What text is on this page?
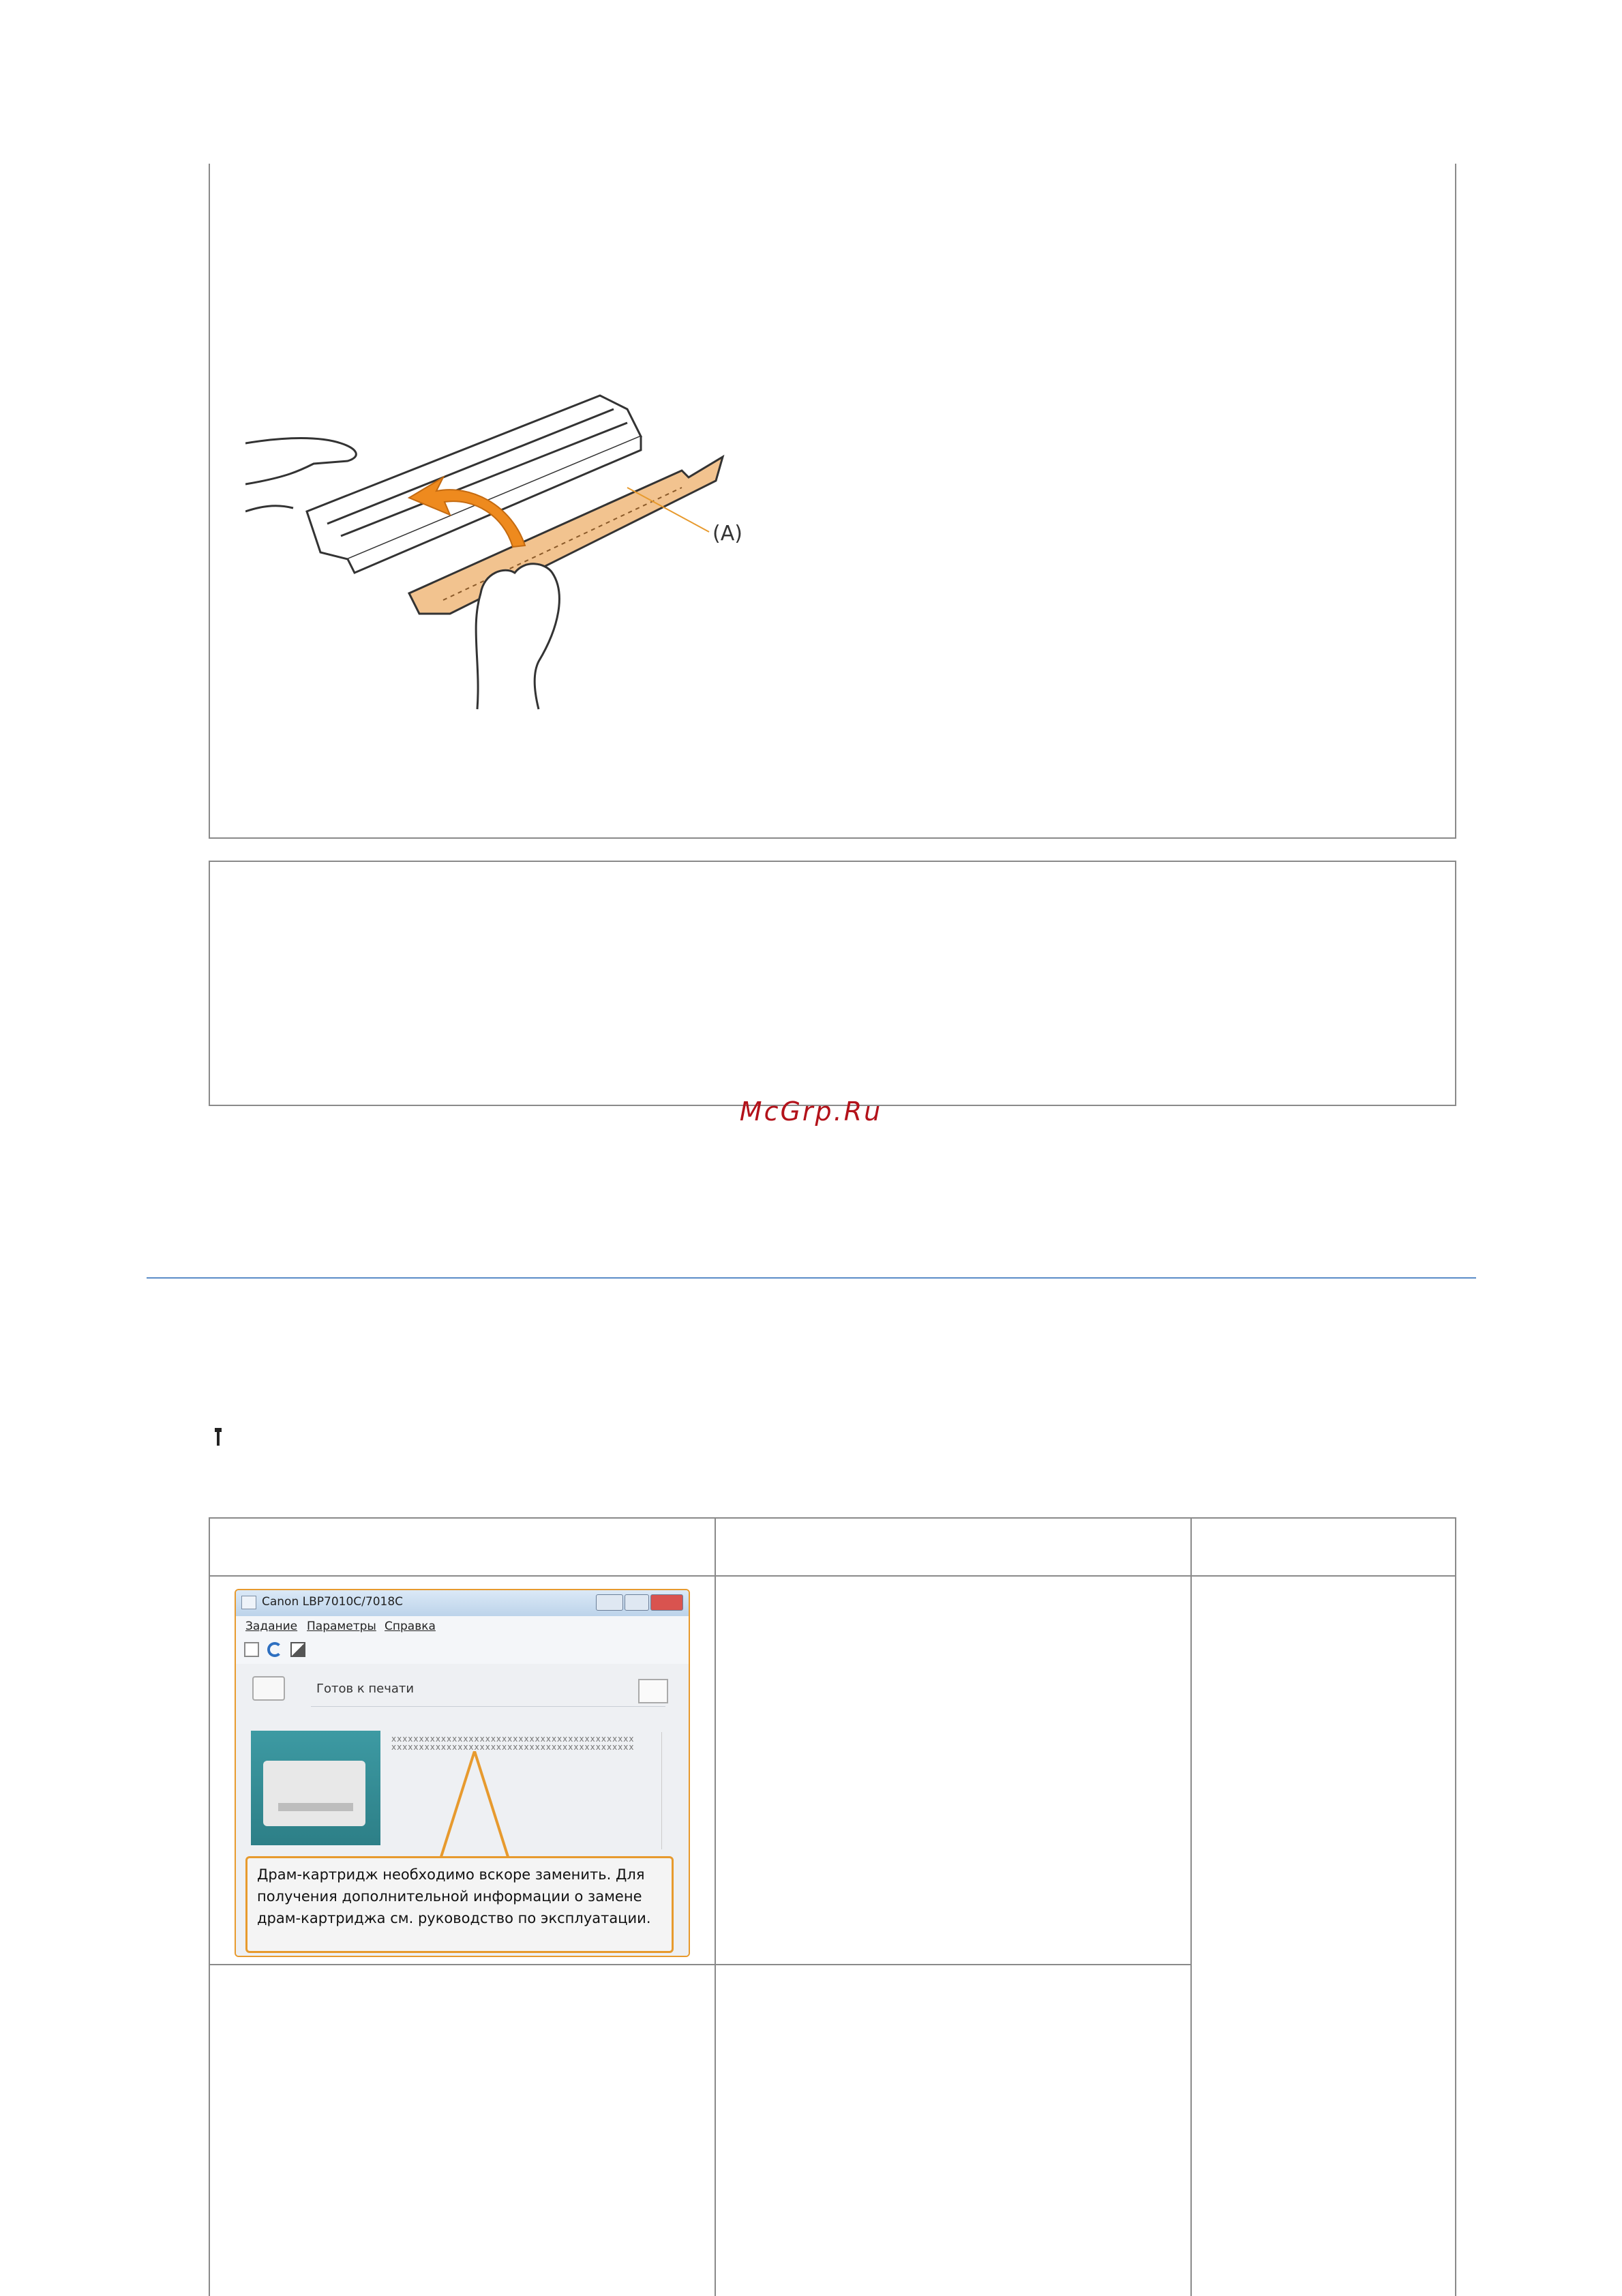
(A)
McGrp.Ru
Canon LBP7010C/7018C
Задание Параметры Справка
Готов к печати
xxxxxxxxxxxxxxxxxxxxxxxxxxxxxxxxxxxxxxxxxxxx
xxxxxxxxxxxxxxxxxxxxxxxxxxxxxxxxxxxxxxxxxxxx
Драм-картридж необходимо вскоре заменить. Для получения дополнительной информации о замене драм-картриджа см. руководство по эксплуатации.
